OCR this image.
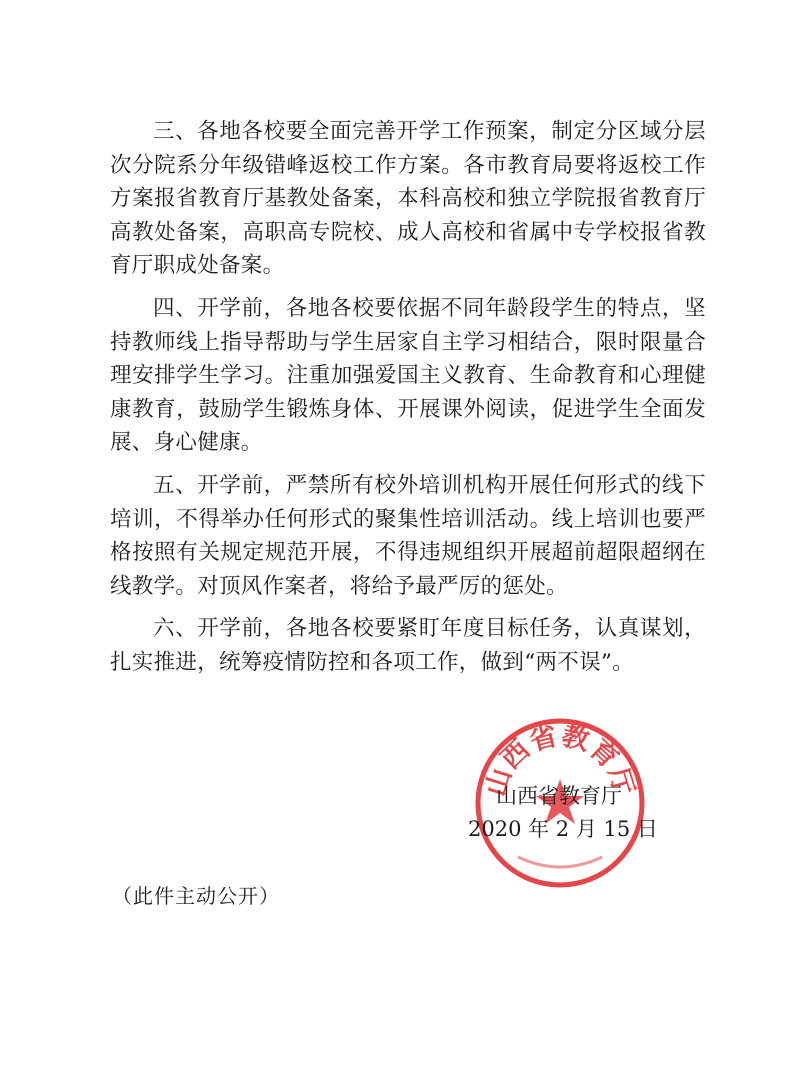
三、各地各校要全面完善开学工作预案，制定分区域分层次分院系分年级错峰返校工作方案。各市教育局要将返校工作方案报省教育厅基教处备案，本科高校和独立学院报省教育厅高教处备案，高职高专院校、成人高校和省属中专学校报省教育厅职成处备案。

四、开学前，各地各校要依据不同年龄段学生的特点，坚持教师线上指导帮助与学生居家自主学习相结合，限时限量合理安排学生学习。注重加强爱国主义教育、生命教育和心理健康教育，鼓励学生锻炼身体、开展课外阅读，促进学生全面发展、身心健康。

五、开学前，严禁所有校外培训机构开展任何形式的线下培训，不得举办任何形式的聚集性培训活动。线上培训也要严格按照有关规定规范开展，不得违规组织开展超前超限超纲在线教学。对顶风作案者，将给予最严厉的惩处。

六、开学前，各地各校要紧盯年度目标任务，认真谋划，扎实推进，统筹疫情防控和各项工作，做到“两不误”。

山西省教育厅
山西省教育厅
2020 年 2 月 15 日
（此件主动公开）
